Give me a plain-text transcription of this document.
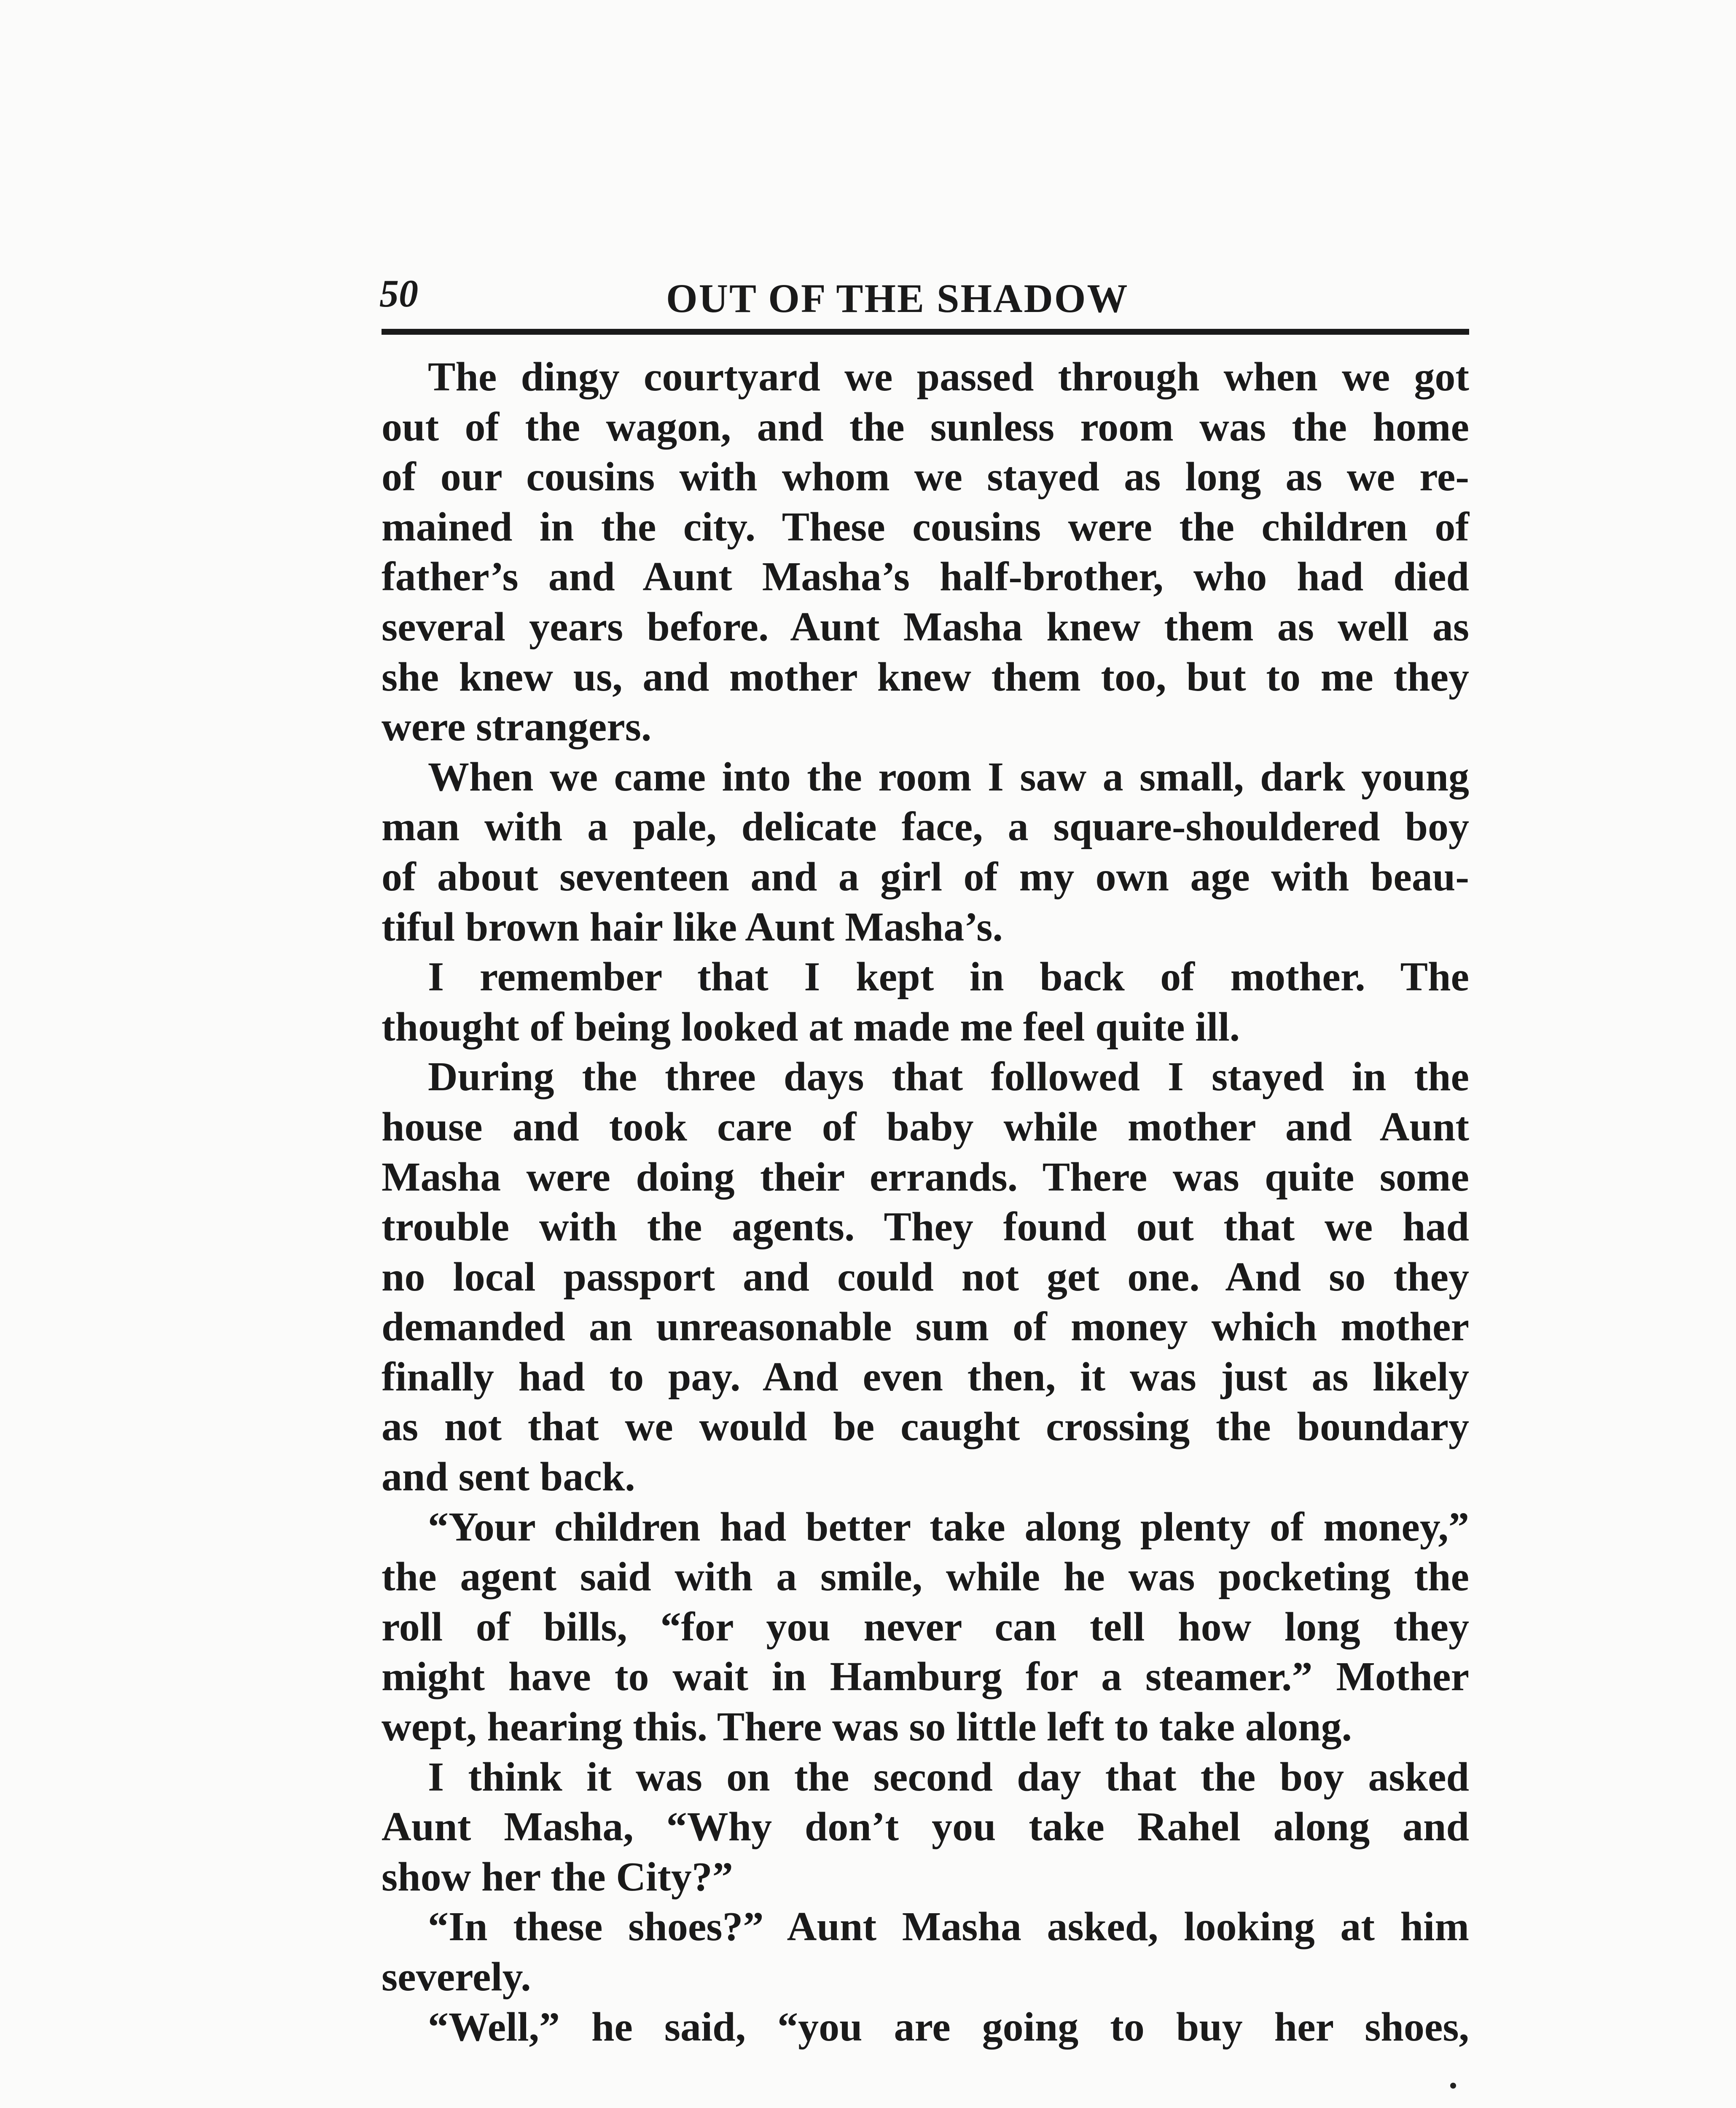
50	OUT OF THE SHADOW
The dingy courtyard we passed through when we got
out of the wagon, and the sunless room was the home
of our cousins with whom we stayed as long as we re-
mained in the city. These cousins were the children of
father’s and Aunt Masha’s half-brother, who had died
several years before. Aunt Masha knew them as well as
she knew us, and mother knew them too, but to me they
were strangers.
When we came into the room I saw a small, dark young
man with a pale, delicate face, a square-shouldered boy
of about seventeen and a girl of my own age with beau-
tiful brown hair like Aunt Masha’s.
I remember that I kept in back of mother. The
thought of being looked at made me feel quite ill.
During the three days that followed I stayed in the
house and took care of baby while mother and Aunt
Masha were doing their errands. There was quite some
trouble with the agents. They found out that we had
no local passport and could not get one. And so they
demanded an unreasonable sum of money which mother
finally had to pay. And even then, it was just as likely
as not that we would be caught crossing the boundary
and sent back.
“Your children had better take along plenty of money,”
the agent said with a smile, while he was pocketing the
roll of bills, “for you never can tell how long they
might have to wait in Hamburg for a steamer.” Mother
wept, hearing this. There was so little left to take along.
I think it was on the second day that the boy asked
Aunt Masha, “Why don’t you take Rahel along and
show her the City?”
“In these shoes?” Aunt Masha asked, looking at him
severely.
“Well,” he said, “you are going to buy her shoes,
